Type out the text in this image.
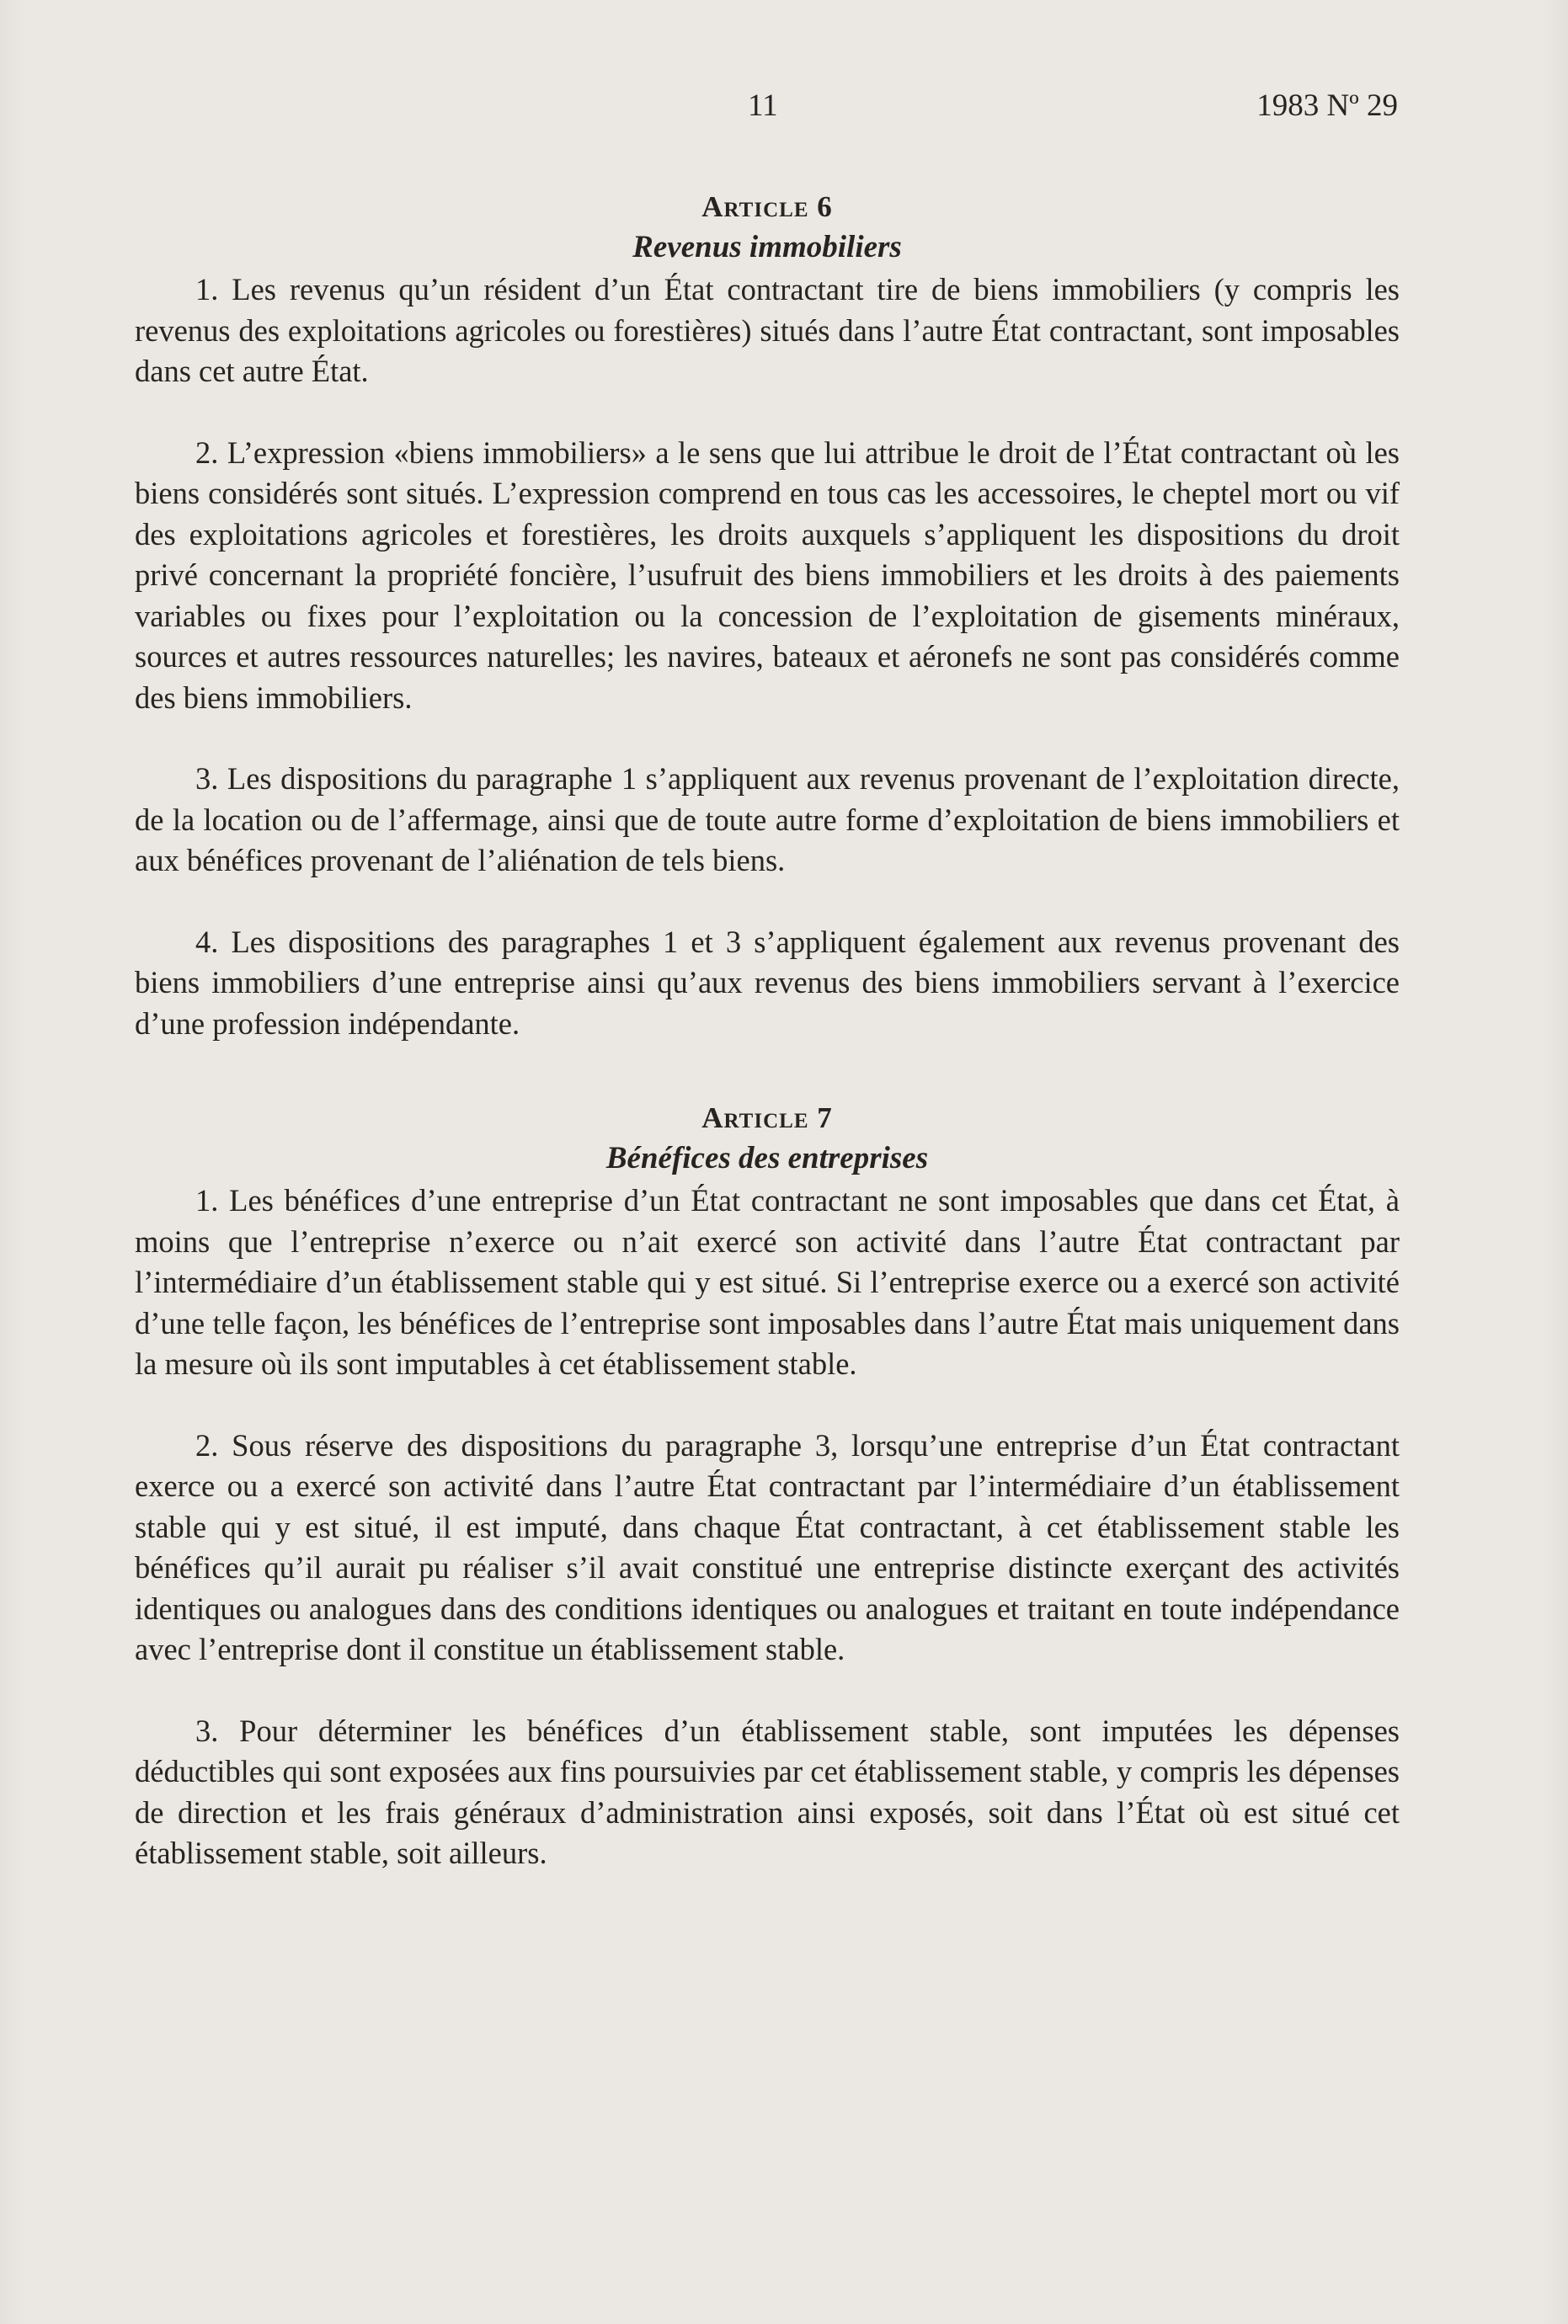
11	1983 Nº 29
Article 6
Revenus immobiliers

1. Les revenus qu’un résident d’un État contractant tire de biens immobiliers (y compris les revenus des exploitations agricoles ou forestières) situés dans l’autre État contractant, sont imposables dans cet autre État.

2. L’expression «biens immobiliers» a le sens que lui attribue le droit de l’État contractant où les biens considérés sont situés. L’expression comprend en tous cas les accessoires, le cheptel mort ou vif des exploitations agricoles et forestières, les droits auxquels s’appliquent les dispositions du droit privé concernant la propriété foncière, l’usufruit des biens immobiliers et les droits à des paiements variables ou fixes pour l’exploitation ou la concession de l’exploitation de gisements minéraux, sources et autres ressources naturelles; les navires, bateaux et aéronefs ne sont pas considérés comme des biens immobiliers.

3. Les dispositions du paragraphe 1 s’appliquent aux revenus provenant de l’exploitation directe, de la location ou de l’affermage, ainsi que de toute autre forme d’exploitation de biens immobiliers et aux bénéfices provenant de l’aliénation de tels biens.

4. Les dispositions des paragraphes 1 et 3 s’appliquent également aux revenus provenant des biens immobiliers d’une entreprise ainsi qu’aux revenus des biens immobiliers servant à l’exercice d’une profession indépendante.

Article 7
Bénéfices des entreprises

1. Les bénéfices d’une entreprise d’un État contractant ne sont imposables que dans cet État, à moins que l’entreprise n’exerce ou n’ait exercé son activité dans l’autre État contractant par l’intermédiaire d’un établissement stable qui y est situé. Si l’entreprise exerce ou a exercé son activité d’une telle façon, les bénéfices de l’entreprise sont imposables dans l’autre État mais uniquement dans la mesure où ils sont imputables à cet établissement stable.

2. Sous réserve des dispositions du paragraphe 3, lorsqu’une entreprise d’un État contractant exerce ou a exercé son activité dans l’autre État contractant par l’intermédiaire d’un établissement stable qui y est situé, il est imputé, dans chaque État contractant, à cet établissement stable les bénéfices qu’il aurait pu réaliser s’il avait constitué une entreprise distincte exerçant des activités identiques ou analogues dans des conditions identiques ou analogues et traitant en toute indépendance avec l’entreprise dont il constitue un établissement stable.

3. Pour déterminer les bénéfices d’un établissement stable, sont imputées les dépenses déductibles qui sont exposées aux fins poursuivies par cet établissement stable, y compris les dépenses de direction et les frais généraux d’administration ainsi exposés, soit dans l’État où est situé cet établissement stable, soit ailleurs.
